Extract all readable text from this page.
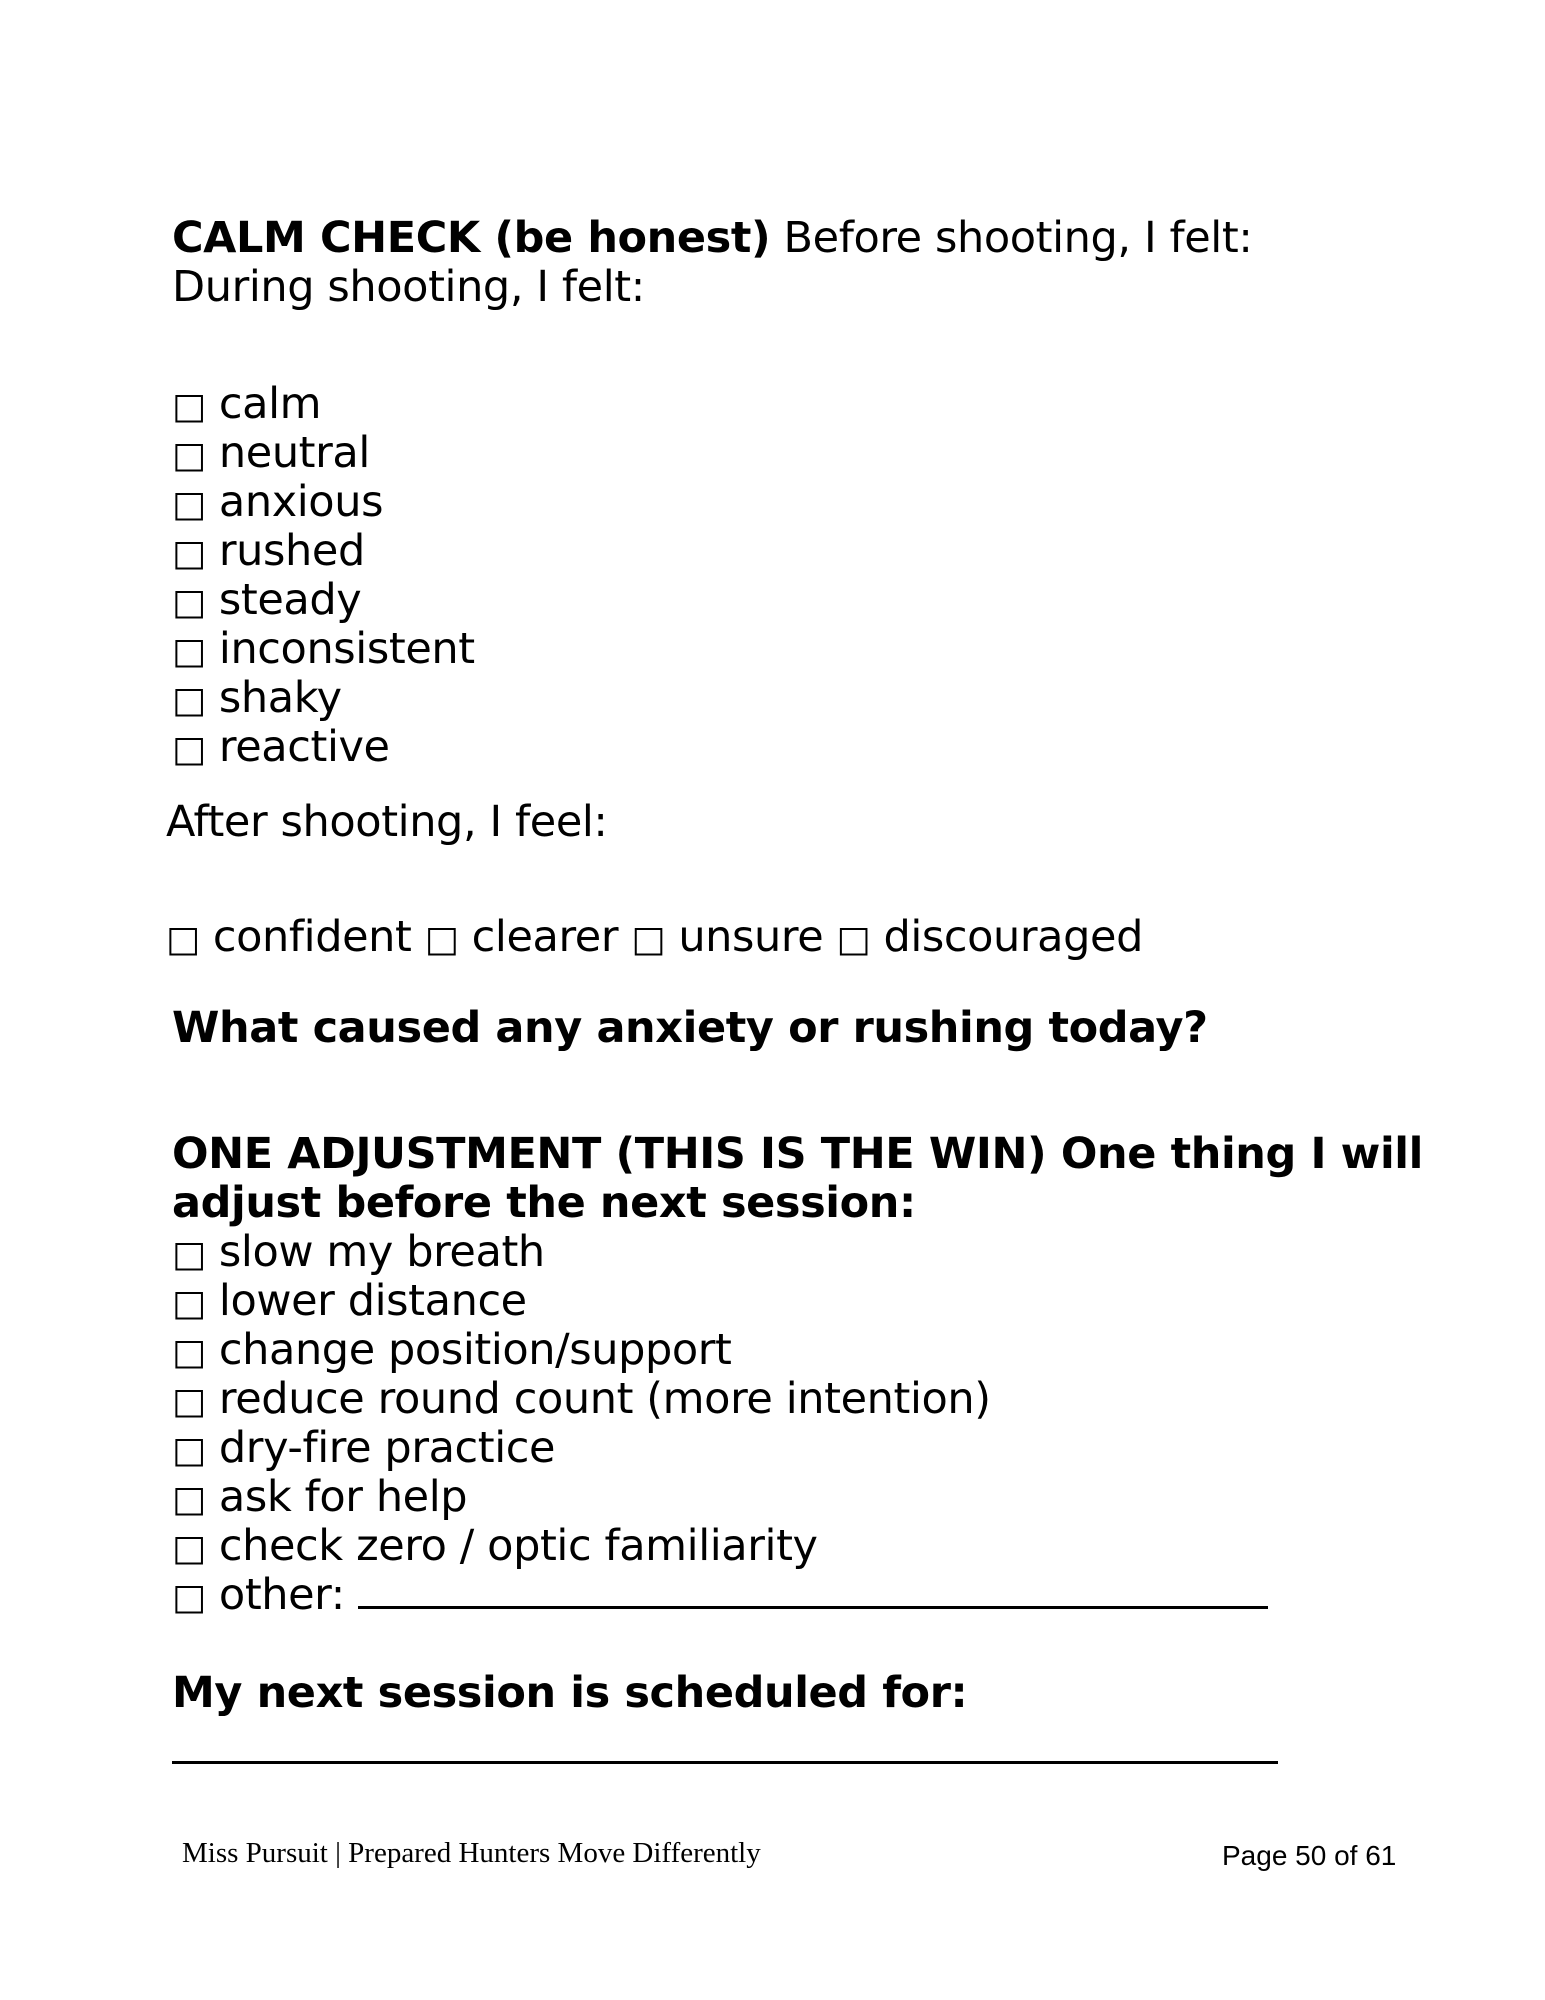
CALM CHECK (be honest) Before shooting, I felt:
During shooting, I felt:
□ calm
□ neutral
□ anxious
□ rushed
□ steady
□ inconsistent
□ shaky
□ reactive
After shooting, I feel:
□ confident □ clearer □ unsure □ discouraged
What caused any anxiety or rushing today?
ONE ADJUSTMENT (THIS IS THE WIN) One thing I will
adjust before the next session:
□ slow my breath
□ lower distance
□ change position/support
□ reduce round count (more intention)
□ dry-fire practice
□ ask for help
□ check zero / optic familiarity
□ other:
My next session is scheduled for:
Miss Pursuit | Prepared Hunters Move Differently	Page 50 of 61
